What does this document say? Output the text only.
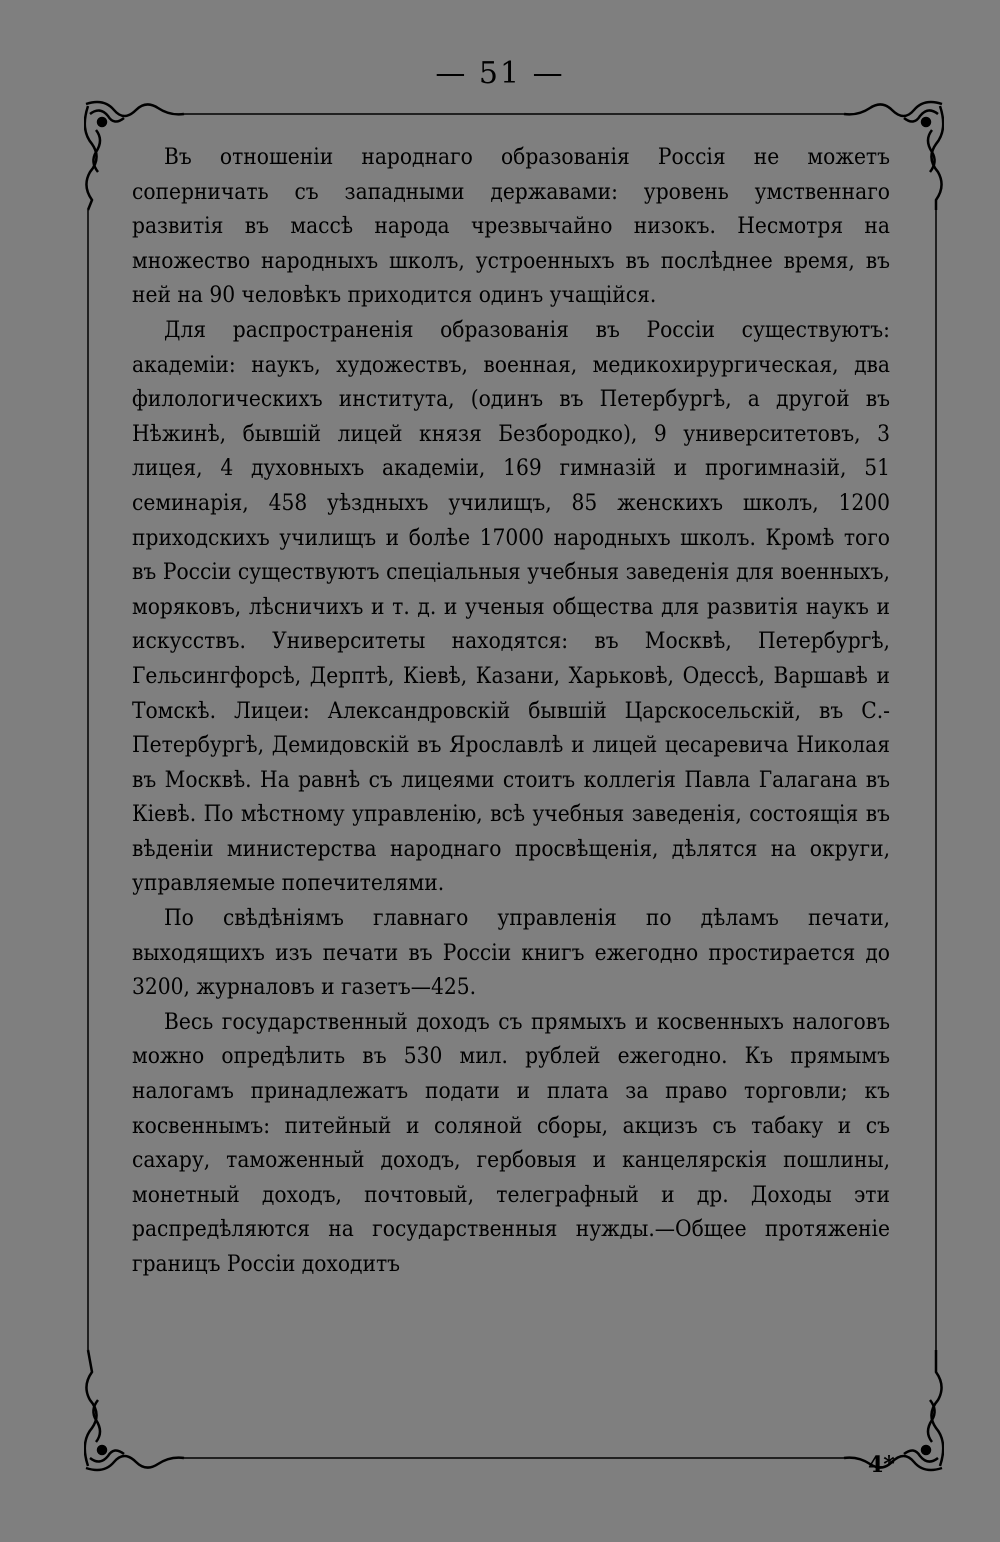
— 51 —

Въ отношеніи народнаго образованія Россія не можетъ соперничать съ западными державами: уровень умственнаго развитія въ массѣ народа чрезвычайно низокъ. Несмотря на множество народныхъ школъ, устроенныхъ въ послѣднее время, въ ней на 90 человѣкъ приходится одинъ учащійся.

Для распространенія образованія въ Россіи существуютъ: академіи: наукъ, художествъ, военная, медикохирургическая, два филологическихъ института, (одинъ въ Петербургѣ, а другой въ Нѣжинѣ, бывшій лицей князя Безбородко), 9 университетовъ, 3 лицея, 4 духовныхъ академіи, 169 гимназій и прогимназій, 51 семинарія, 458 уѣздныхъ училищъ, 85 женскихъ школъ, 1200 приходскихъ училищъ и болѣе 17000 народныхъ школъ. Кромѣ того въ Россіи существуютъ спеціальныя учебныя заведенія для военныхъ, моряковъ, лѣсничихъ и т. д. и ученыя общества для развитія наукъ и искусствъ. Университеты находятся: въ Москвѣ, Петербургѣ, Гельсингфорсѣ, Дерптѣ, Кіевѣ, Казани, Харьковѣ, Одессѣ, Варшавѣ и Томскѣ. Лицеи: Александровскій бывшій Царскосельскій, въ С.-Петербургѣ, Демидовскій въ Ярославлѣ и лицей цесаревича Николая въ Москвѣ. На равнѣ съ лицеями стоитъ коллегія Павла Галагана въ Кіевѣ. По мѣстному управленію, всѣ учебныя заведенія, состоящія въ вѣденіи министерства народнаго просвѣщенія, дѣлятся на округи, управляемые попечителями.

По свѣдѣніямъ главнаго управленія по дѣламъ печати, выходящихъ изъ печати въ Россіи книгъ ежегодно простирается до 3200, журналовъ и газетъ—425.

Весь государственный доходъ съ прямыхъ и косвенныхъ налоговъ можно опредѣлить въ 530 мил. рублей ежегодно. Къ прямымъ налогамъ принадлежатъ подати и плата за право торговли; къ косвеннымъ: питейный и соляной сборы, акцизъ съ табаку и съ сахару, таможенный доходъ, гербовыя и канцелярскія пошлины, монетный доходъ, почтовый, телеграфный и др. Доходы эти распредѣляются на государственныя нужды.—Общее протяженіе границъ Россіи доходитъ

4*
